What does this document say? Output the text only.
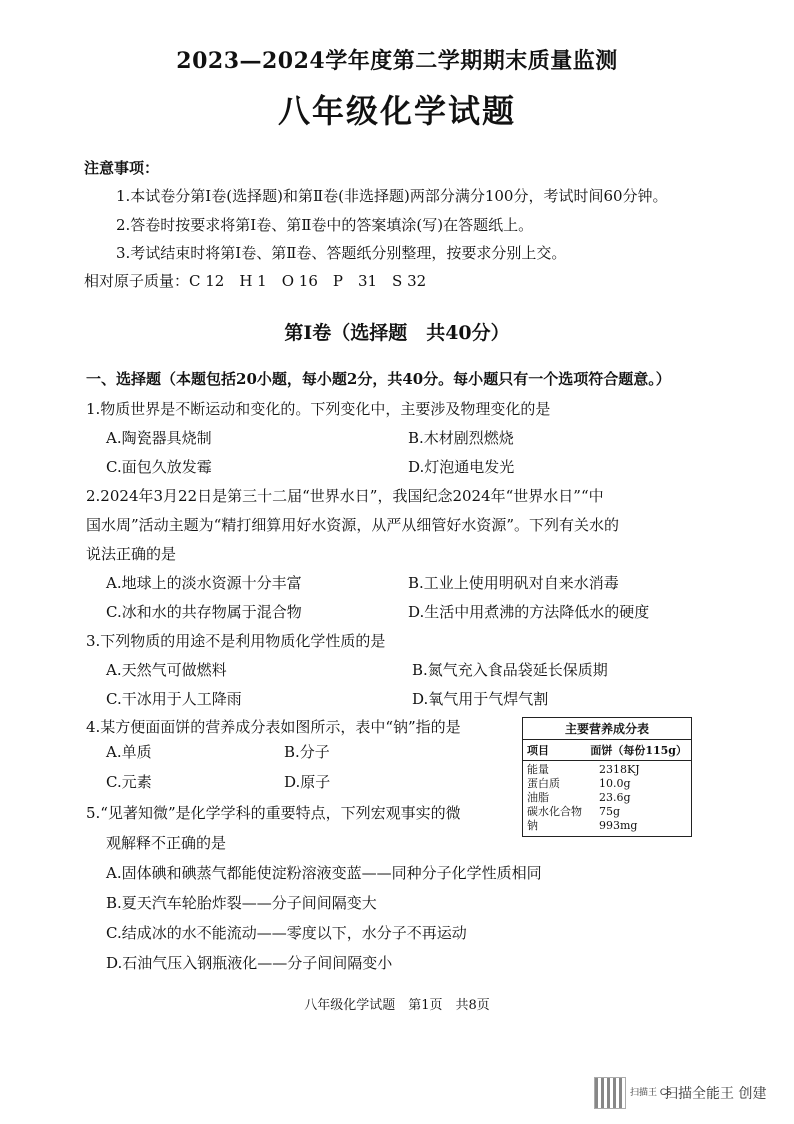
2023—2024学年度第二学期期末质量监测
八年级化学试题
注意事项：
1.本试卷分第Ⅰ卷(选择题)和第Ⅱ卷(非选择题)两部分满分100分，考试时间60分钟。
2.答卷时按要求将第Ⅰ卷、第Ⅱ卷中的答案填涂(写)在答题纸上。
3.考试结束时将第Ⅰ卷、第Ⅱ卷、答题纸分别整理，按要求分别上交。
相对原子质量：C 12　H 1　O 16　P　31　S 32
第Ⅰ卷（选择题　共40分）
一、选择题（本题包括20小题，每小题2分，共40分。每小题只有一个选项符合题意。）
1.物质世界是不断运动和变化的。下列变化中，主要涉及物理变化的是
A.陶瓷器具烧制	B.木材剧烈燃烧
C.面包久放发霉	D.灯泡通电发光
2.2024年3月22日是第三十二届“世界水日”，我国纪念2024年“世界水日”“中
国水周”活动主题为“精打细算用好水资源，从严从细管好水资源”。下列有关水的
说法正确的是
A.地球上的淡水资源十分丰富	B.工业上使用明矾对自来水消毒
C.冰和水的共存物属于混合物	D.生活中用煮沸的方法降低水的硬度
3.下列物质的用途不是利用物质化学性质的是
A.天然气可做燃料	B.氮气充入食品袋延长保质期
C.干冰用于人工降雨	D.氧气用于气焊气割
4.某方便面面饼的营养成分表如图所示，表中“钠”指的是
A.单质	B.分子
C.元素	D.原子
主要营养成分表
项目	面饼（每份115g）
能量	2318KJ
蛋白质	10.0g
油脂	23.6g
碳水化合物	75g
钠	993mg
5.“见著知微”是化学学科的重要特点，下列宏观事实的微
观解释不正确的是
A.固体碘和碘蒸气都能使淀粉溶液变蓝——同种分子化学性质相同
B.夏天汽车轮胎炸裂——分子间间隔变大
C.结成冰的水不能流动——零度以下，水分子不再运动
D.石油气压入钢瓶液化——分子间间隔变小
八年级化学试题　第1页　共8页
扫描王 CS
扫描全能王 创建
